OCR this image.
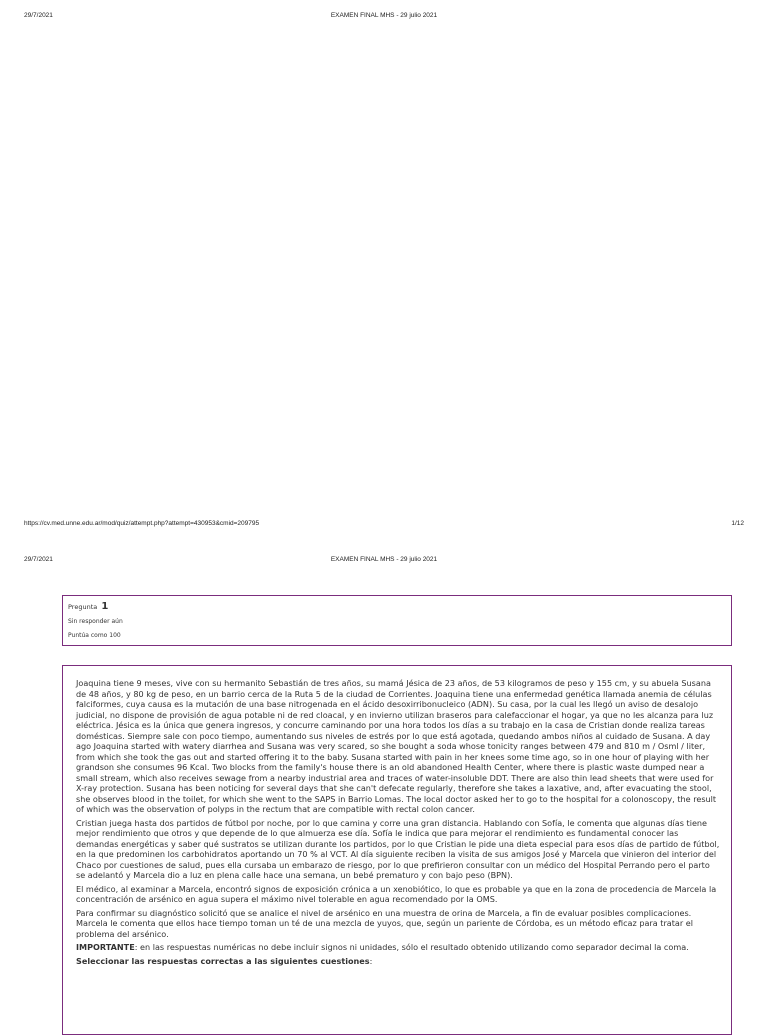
29/7/2021	EXAMEN FINAL MHS - 29 julio 2021
https://cv.med.unne.edu.ar/mod/quiz/attempt.php?attempt=430953&cmid=209795	1/12
29/7/2021	EXAMEN FINAL MHS - 29 julio 2021
Pregunta 1
Sin responder aún
Puntúa como 100

Joaquina tiene 9 meses, vive con su hermanito Sebastián de tres años, su mamá Jésica de 23 años, de 53 kilogramos de peso y 155 cm, y su abuela Susana de 48 años, y 80 kg de peso, en un barrio cerca de la Ruta 5 de la ciudad de Corrientes. Joaquina tiene una enfermedad genética llamada anemia de células falciformes, cuya causa es la mutación de una base nitrogenada en el ácido desoxirribonucleico (ADN). Su casa, por la cual les llegó un aviso de desalojo judicial, no dispone de provisión de agua potable ni de red cloacal, y en invierno utilizan braseros para calefaccionar el hogar, ya que no les alcanza para luz eléctrica. Jésica es la única que genera ingresos, y concurre caminando por una hora todos los días a su trabajo en la casa de Cristian donde realiza tareas domésticas. Siempre sale con poco tiempo, aumentando sus niveles de estrés por lo que está agotada, quedando ambos niños al cuidado de Susana. A day ago Joaquina started with watery diarrhea and Susana was very scared, so she bought a soda whose tonicity ranges between 479 and 810 m / Osml / liter, from which she took the gas out and started offering it to the baby. Susana started with pain in her knees some time ago, so in one hour of playing with her grandson she consumes 96 Kcal. Two blocks from the family's house there is an old abandoned Health Center, where there is plastic waste dumped near a small stream, which also receives sewage from a nearby industrial area and traces of water-insoluble DDT. There are also thin lead sheets that were used for X-ray protection. Susana has been noticing for several days that she can't defecate regularly, therefore she takes a laxative, and, after evacuating the stool, she observes blood in the toilet, for which she went to the SAPS in Barrio Lomas. The local doctor asked her to go to the hospital for a colonoscopy, the result of which was the observation of polyps in the rectum that are compatible with rectal colon cancer.

Cristian juega hasta dos partidos de fútbol por noche, por lo que camina y corre una gran distancia. Hablando con Sofía, le comenta que algunas días tiene mejor rendimiento que otros y que depende de lo que almuerza ese día. Sofía le indica que para mejorar el rendimiento es fundamental conocer las demandas energéticas y saber qué sustratos se utilizan durante los partidos, por lo que Cristian le pide una dieta especial para esos días de partido de fútbol, en la que predominen los carbohidratos aportando un 70 % al VCT. Al día siguiente reciben la visita de sus amigos José y Marcela que vinieron del interior del Chaco por cuestiones de salud, pues ella cursaba un embarazo de riesgo, por lo que prefirieron consultar con un médico del Hospital Perrando pero el parto se adelantó y Marcela dio a luz en plena calle hace una semana, un bebé prematuro y con bajo peso (BPN).

El médico, al examinar a Marcela, encontró signos de exposición crónica a un xenobiótico, lo que es probable ya que en la zona de procedencia de Marcela la concentración de arsénico en agua supera el máximo nivel tolerable en agua recomendado por la OMS.

Para confirmar su diagnóstico solicitó que se analice el nivel de arsénico en una muestra de orina de Marcela, a fin de evaluar posibles complicaciones. Marcela le comenta que ellos hace tiempo toman un té de una mezcla de yuyos, que, según un pariente de Córdoba, es un método eficaz para tratar el problema del arsénico.

IMPORTANTE: en las respuestas numéricas no debe incluir signos ni unidades, sólo el resultado obtenido utilizando como separador decimal la coma.

Seleccionar las respuestas correctas a las siguientes cuestiones:
